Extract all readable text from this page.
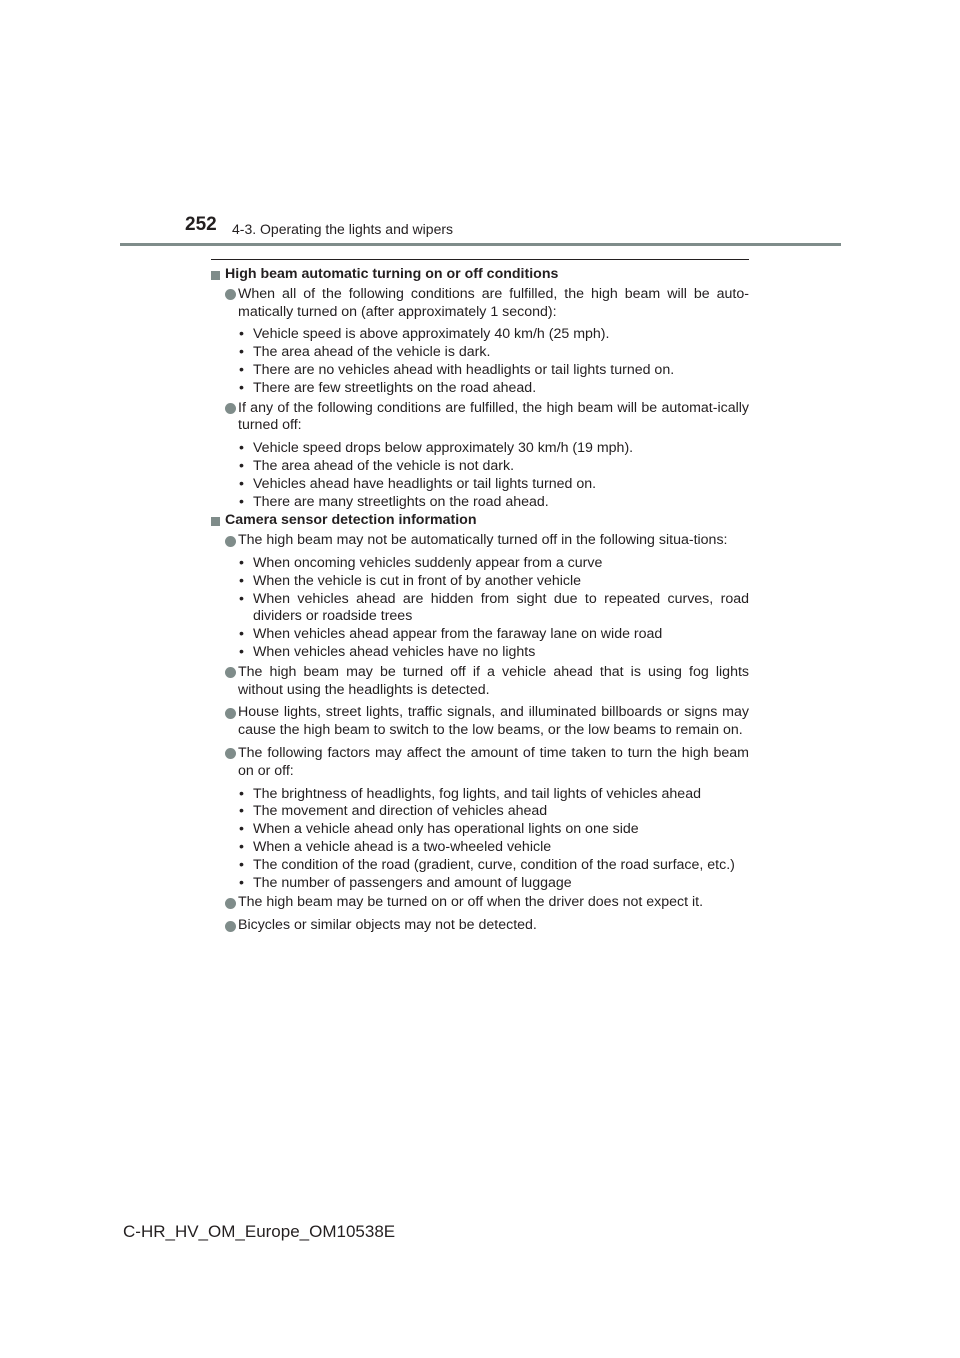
252 4-3. Operating the lights and wipers
High beam automatic turning on or off conditions
When all of the following conditions are fulfilled, the high beam will be auto-matically turned on (after approximately 1 second):
• Vehicle speed is above approximately 40 km/h (25 mph).
• The area ahead of the vehicle is dark.
• There are no vehicles ahead with headlights or tail lights turned on.
• There are few streetlights on the road ahead.
If any of the following conditions are fulfilled, the high beam will be automat-ically turned off:
• Vehicle speed drops below approximately 30 km/h (19 mph).
• The area ahead of the vehicle is not dark.
• Vehicles ahead have headlights or tail lights turned on.
• There are many streetlights on the road ahead.
Camera sensor detection information
The high beam may not be automatically turned off in the following situa-tions:
• When oncoming vehicles suddenly appear from a curve
• When the vehicle is cut in front of by another vehicle
• When vehicles ahead are hidden from sight due to repeated curves, road dividers or roadside trees
• When vehicles ahead appear from the faraway lane on wide road
• When vehicles ahead vehicles have no lights
The high beam may be turned off if a vehicle ahead that is using fog lights without using the headlights is detected.
House lights, street lights, traffic signals, and illuminated billboards or signs may cause the high beam to switch to the low beams, or the low beams to remain on.
The following factors may affect the amount of time taken to turn the high beam on or off:
• The brightness of headlights, fog lights, and tail lights of vehicles ahead
• The movement and direction of vehicles ahead
• When a vehicle ahead only has operational lights on one side
• When a vehicle ahead is a two-wheeled vehicle
• The condition of the road (gradient, curve, condition of the road surface, etc.)
• The number of passengers and amount of luggage
The high beam may be turned on or off when the driver does not expect it.
Bicycles or similar objects may not be detected.
C-HR_HV_OM_Europe_OM10538E
